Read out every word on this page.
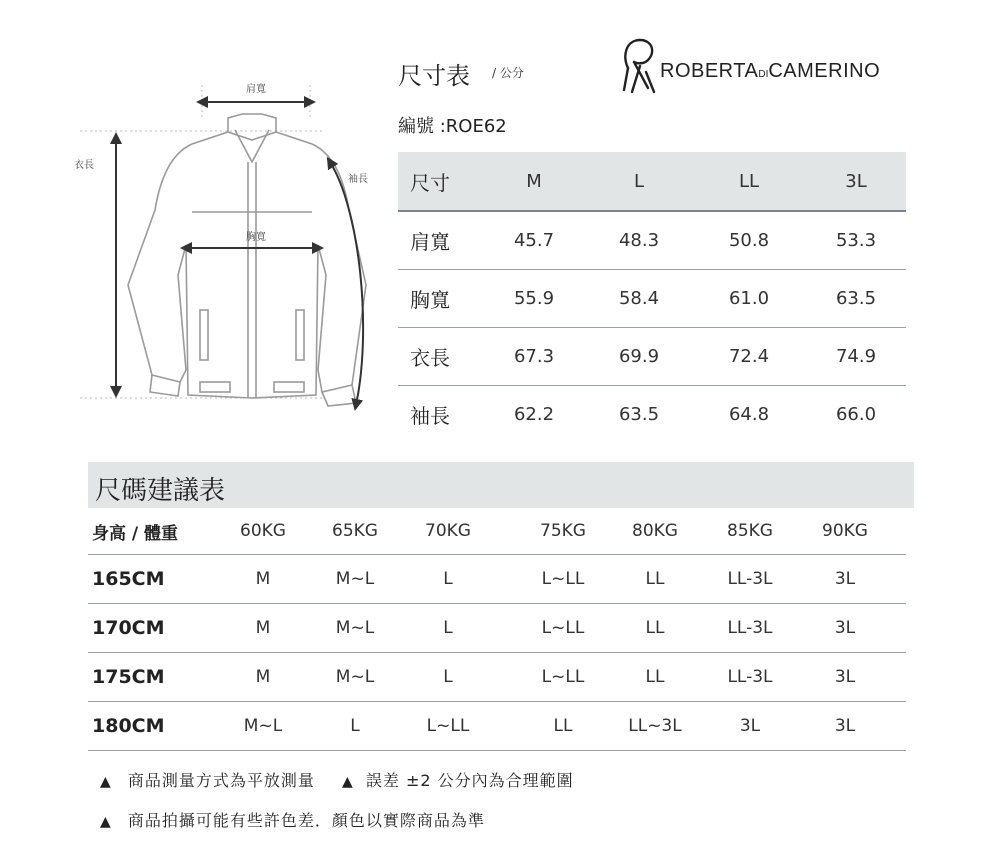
肩寬
胸寬
衣長
袖長
尺寸表 / 公分
編號 :ROE62
ROBERTADICAMERINO
尺寸	M	L	LL	3L
肩寬	45.7	48.3	50.8	53.3
胸寬	55.9	58.4	61.0	63.5
衣長	67.3	69.9	72.4	74.9
袖長	62.2	63.5	64.8	66.0
尺碼建議表
身高 / 體重	60KG	65KG	70KG	75KG	80KG	85KG	90KG
165CM	M	M~L	L	L~LL	LL	LL-3L	3L
170CM	M	M~L	L	L~LL	LL	LL-3L	3L
175CM	M	M~L	L	L~LL	LL	LL-3L	3L
180CM	M~L	L	L~LL	LL	LL~3L	3L	3L
▲ 商品測量方式為平放測量 ▲ 誤差 ±2 公分內為合理範圍
▲ 商品拍攝可能有些許色差．顏色以實際商品為準
